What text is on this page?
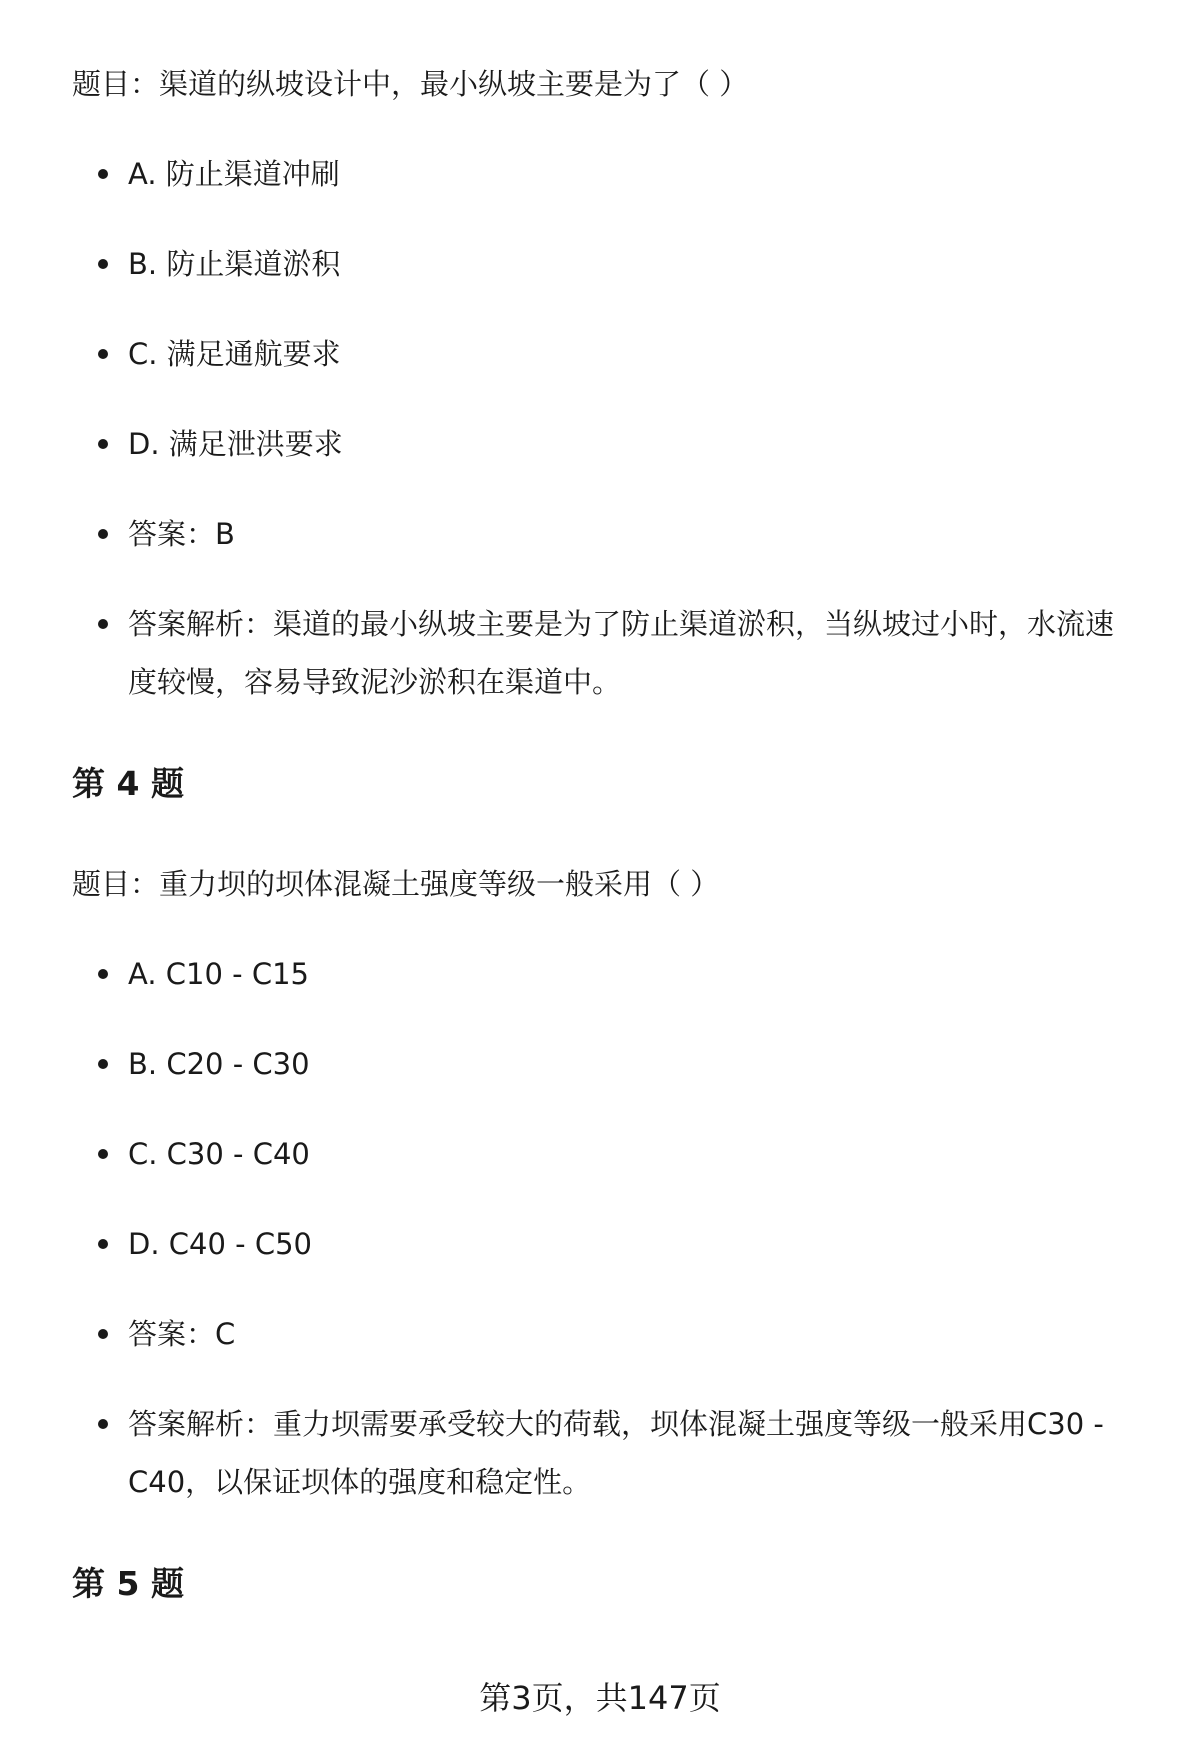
题目：渠道的纵坡设计中，最小纵坡主要是为了（ ）
A. 防止渠道冲刷
B. 防止渠道淤积
C. 满足通航要求
D. 满足泄洪要求
答案：B
答案解析：渠道的最小纵坡主要是为了防止渠道淤积，当纵坡过小时，水流速度较慢，容易导致泥沙淤积在渠道中。
第 4 题
题目：重力坝的坝体混凝土强度等级一般采用（ ）
A. C10 - C15
B. C20 - C30
C. C30 - C40
D. C40 - C50
答案：C
答案解析：重力坝需要承受较大的荷载，坝体混凝土强度等级一般采用C30 - C40，以保证坝体的强度和稳定性。
第 5 题
第3页，共147页
